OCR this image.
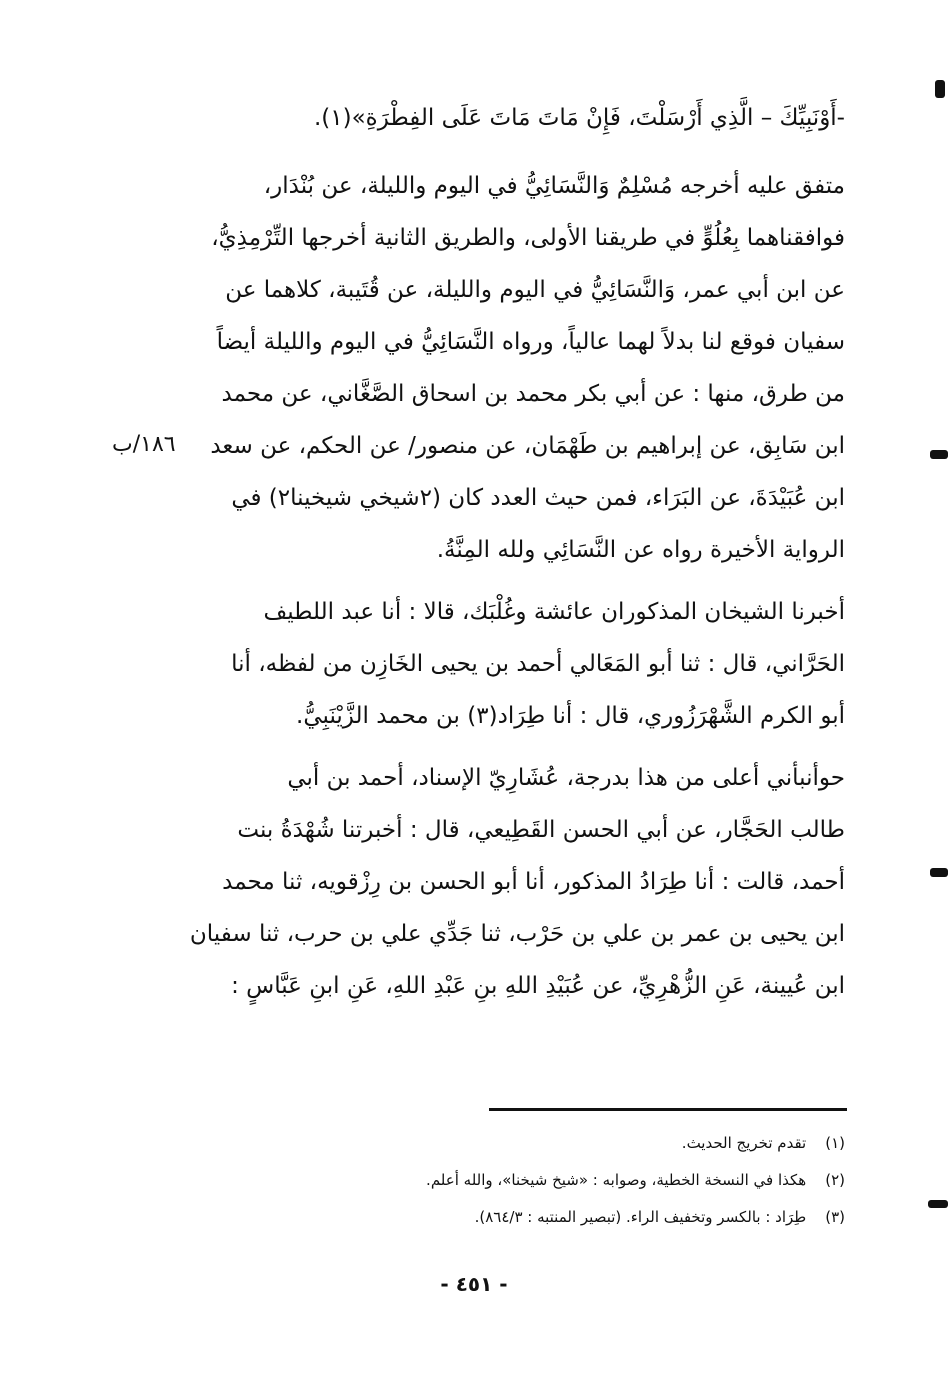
-أَوْنَبِيِّكَ – الَّذِي أَرْسَلْتَ، فَإِنْ مَاتَ مَاتَ عَلَى الفِطْرَةِ»(١).
متفق عليه أخرجه مُسْلِمٌ وَالنَّسَائِيُّ في اليوم والليلة، عن بُنْدَار،
فوافقناهما بِعُلُوٍّ في طريقنا الأولى، والطريق الثانية أخرجها التِّرْمِذِيُّ،
عن ابن أبي عمر، وَالنَّسَائِيُّ في اليوم والليلة، عن قُتَيبة، كلاهما عن
سفيان فوقع لنا بدلاً لهما عالياً، ورواه النَّسَائِيُّ في اليوم والليلة أيضاً
من طرق، منها : عن أبي بكر محمد بن اسحاق الصَّغَّاني، عن محمد
ابن سَابِق، عن إبراهيم بن طَهْمَان، عن منصور/ عن الحكم، عن سعد
ابن عُبَيْدَةَ، عن البَرَاء، فمن حيث العدد كان (٢شيخي شيخينا٢) في
الرواية الأخيرة رواه عن النَّسَائِي ولله المِنَّةُ.
١٨٦/ب
أخبرنا الشيخان المذكوران عائشة وغُلْبَك، قالا : أنا عبد اللطيف
الحَرَّاني، قال : ثنا أبو المَعَالي أحمد بن يحيى الخَازِن من لفظه، أنا
أبو الكرم الشَّهْرَزُوري، قال : أنا طِرَاد(٣) بن محمد الزَّيْنَبِيُّ.
حوأنبأني أعلى من هذا بدرجة، عُشَارِيّ الإسناد، أحمد بن أبي
طالب الحَجَّار، عن أبي الحسن القَطِيعي، قال : أخبرتنا شُهْدَةُ بنت
أحمد، قالت : أنا طِرَادُ المذكور، أنا أبو الحسن بن رِزْقويه، ثنا محمد
ابن يحيى بن عمر بن علي بن حَرْب، ثنا جَدِّي علي بن حرب، ثنا سفيان
ابن عُيينة، عَنِ الزُّهْرِيِّ، عن عُبَيْدِ اللهِ بنِ عَبْدِ اللهِ، عَنِ ابنِ عَبَّاسٍ :
(١) تقدم تخريج الحديث.
(٢) هكذا في النسخة الخطية، وصوابه : «شيخ شيخنا»، والله أعلم.
(٣) طِرَاد : بالكسر وتخفيف الراء. (تبصير المنتبه : ٨٦٤/٣).
- ٤٥١ -
